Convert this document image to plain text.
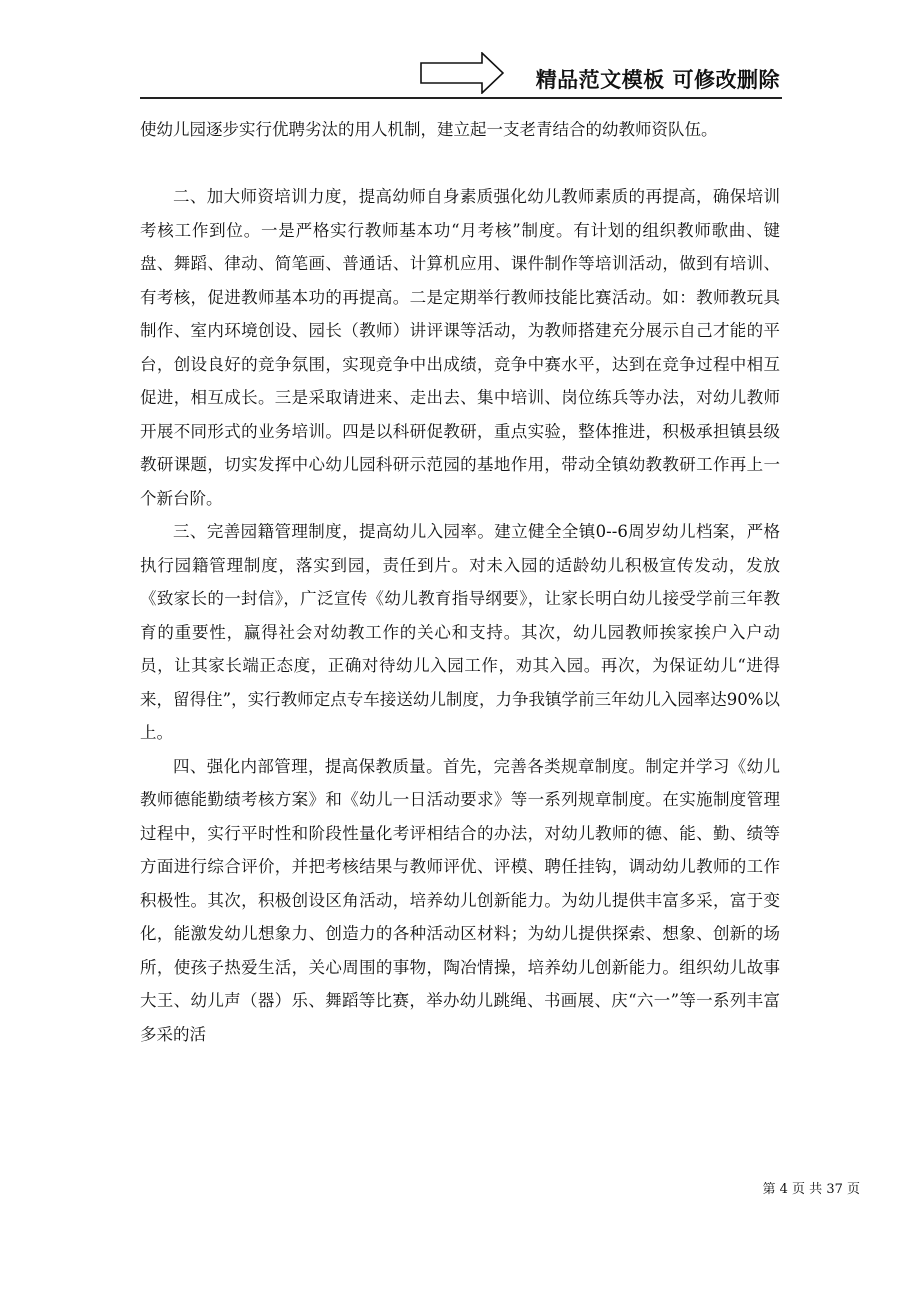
精品范文模板 可修改删除

使幼儿园逐步实行优聘劣汰的用人机制，建立起一支老青结合的幼教师资队伍。

二、加大师资培训力度，提高幼师自身素质强化幼儿教师素质的再提高，确保培训考核工作到位。一是严格实行教师基本功“月考核”制度。有计划的组织教师歌曲、键盘、舞蹈、律动、简笔画、普通话、计算机应用、课件制作等培训活动，做到有培训、有考核，促进教师基本功的再提高。二是定期举行教师技能比赛活动。如：教师教玩具制作、室内环境创设、园长（教师）讲评课等活动，为教师搭建充分展示自己才能的平台，创设良好的竞争氛围，实现竞争中出成绩，竞争中赛水平，达到在竞争过程中相互促进，相互成长。三是采取请进来、走出去、集中培训、岗位练兵等办法，对幼儿教师开展不同形式的业务培训。四是以科研促教研，重点实验，整体推进，积极承担镇县级教研课题，切实发挥中心幼儿园科研示范园的基地作用，带动全镇幼教教研工作再上一个新台阶。

三、完善园籍管理制度，提高幼儿入园率。建立健全全镇0--6周岁幼儿档案，严格执行园籍管理制度，落实到园，责任到片。对未入园的适龄幼儿积极宣传发动，发放《致家长的一封信》，广泛宣传《幼儿教育指导纲要》，让家长明白幼儿接受学前三年教育的重要性，赢得社会对幼教工作的关心和支持。其次，幼儿园教师挨家挨户入户动员，让其家长端正态度，正确对待幼儿入园工作，劝其入园。再次，为保证幼儿“进得来，留得住”，实行教师定点专车接送幼儿制度，力争我镇学前三年幼儿入园率达90%以上。

四、强化内部管理，提高保教质量。首先，完善各类规章制度。制定并学习《幼儿教师德能勤绩考核方案》和《幼儿一日活动要求》等一系列规章制度。在实施制度管理过程中，实行平时性和阶段性量化考评相结合的办法，对幼儿教师的德、能、勤、绩等方面进行综合评价，并把考核结果与教师评优、评模、聘任挂钩，调动幼儿教师的工作积极性。其次，积极创设区角活动，培养幼儿创新能力。为幼儿提供丰富多采，富于变化，能激发幼儿想象力、创造力的各种活动区材料；为幼儿提供探索、想象、创新的场所，使孩子热爱生活，关心周围的事物，陶冶情操，培养幼儿创新能力。组织幼儿故事大王、幼儿声（器）乐、舞蹈等比赛，举办幼儿跳绳、书画展、庆“六一”等一系列丰富多采的活

第 4 页 共 37 页
